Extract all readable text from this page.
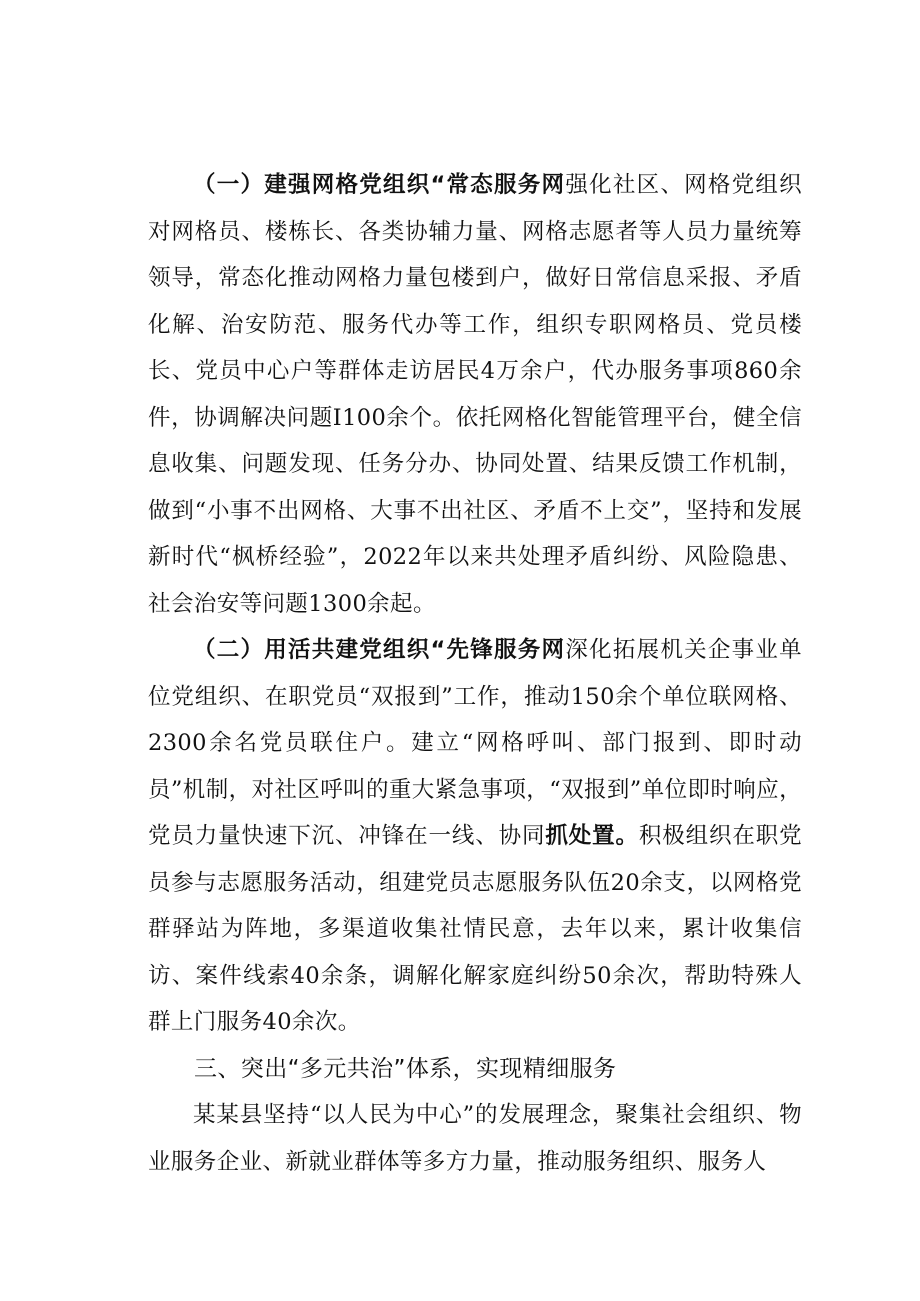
（一）建强网格党组织“常态服务网强化社区、网格党组织对网格员、楼栋长、各类协辅力量、网格志愿者等人员力量统筹领导，常态化推动网格力量包楼到户，做好日常信息采报、矛盾化解、治安防范、服务代办等工作，组织专职网格员、党员楼长、党员中心户等群体走访居民4万余户，代办服务事项860余件，协调解决问题I100余个。依托网格化智能管理平台，健全信息收集、问题发现、任务分办、协同处置、结果反馈工作机制，做到“小事不出网格、大事不出社区、矛盾不上交”，坚持和发展新时代“枫桥经验”，2022年以来共处理矛盾纠纷、风险隐患、社会治安等问题1300余起。

（二）用活共建党组织“先锋服务网深化拓展机关企事业单位党组织、在职党员“双报到”工作，推动150余个单位联网格、2300余名党员联住户。建立“网格呼叫、部门报到、即时动员”机制，对社区呼叫的重大紧急事项，“双报到”单位即时响应，党员力量快速下沉、冲锋在一线、协同抓处置。积极组织在职党员参与志愿服务活动，组建党员志愿服务队伍20余支，以网格党群驿站为阵地，多渠道收集社情民意，去年以来，累计收集信访、案件线索40余条，调解化解家庭纠纷50余次，帮助特殊人群上门服务40余次。

三、突出“多元共治”体系，实现精细服务

某某县坚持“以人民为中心”的发展理念，聚集社会组织、物业服务企业、新就业群体等多方力量，推动服务组织、服务人
